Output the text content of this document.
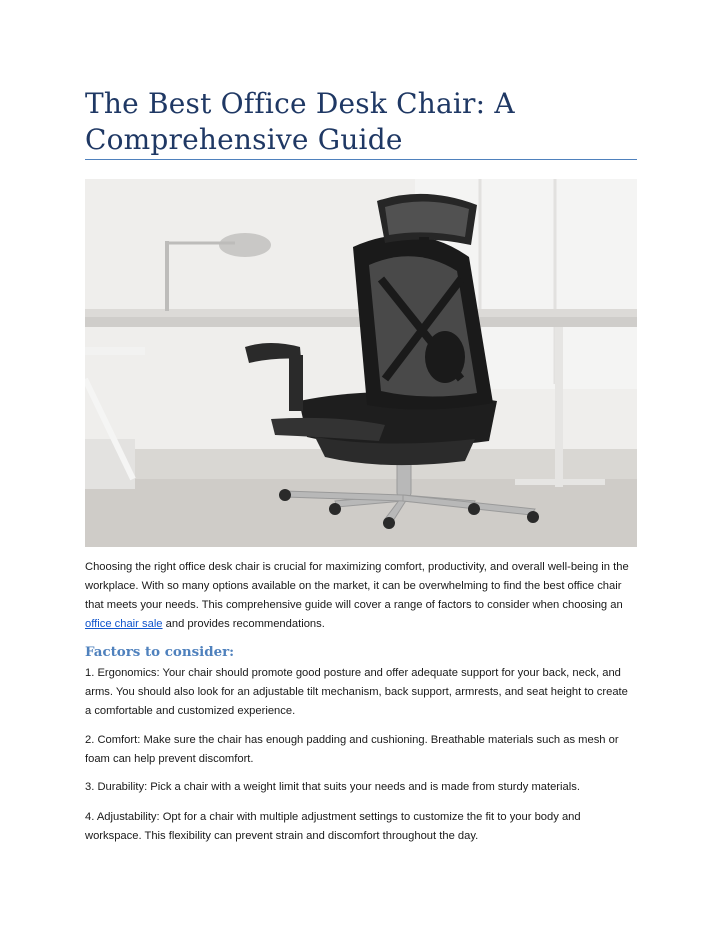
The Best Office Desk Chair: A Comprehensive Guide

Choosing the right office desk chair is crucial for maximizing comfort, productivity, and overall well-being in the workplace. With so many options available on the market, it can be overwhelming to find the best office chair that meets your needs. This comprehensive guide will cover a range of factors to consider when choosing an office chair sale and provides recommendations.

Factors to consider:

1. Ergonomics: Your chair should promote good posture and offer adequate support for your back, neck, and arms. You should also look for an adjustable tilt mechanism, back support, armrests, and seat height to create a comfortable and customized experience.

2. Comfort: Make sure the chair has enough padding and cushioning. Breathable materials such as mesh or foam can help prevent discomfort.

3. Durability: Pick a chair with a weight limit that suits your needs and is made from sturdy materials.

4. Adjustability: Opt for a chair with multiple adjustment settings to customize the fit to your body and workspace. This flexibility can prevent strain and discomfort throughout the day.
